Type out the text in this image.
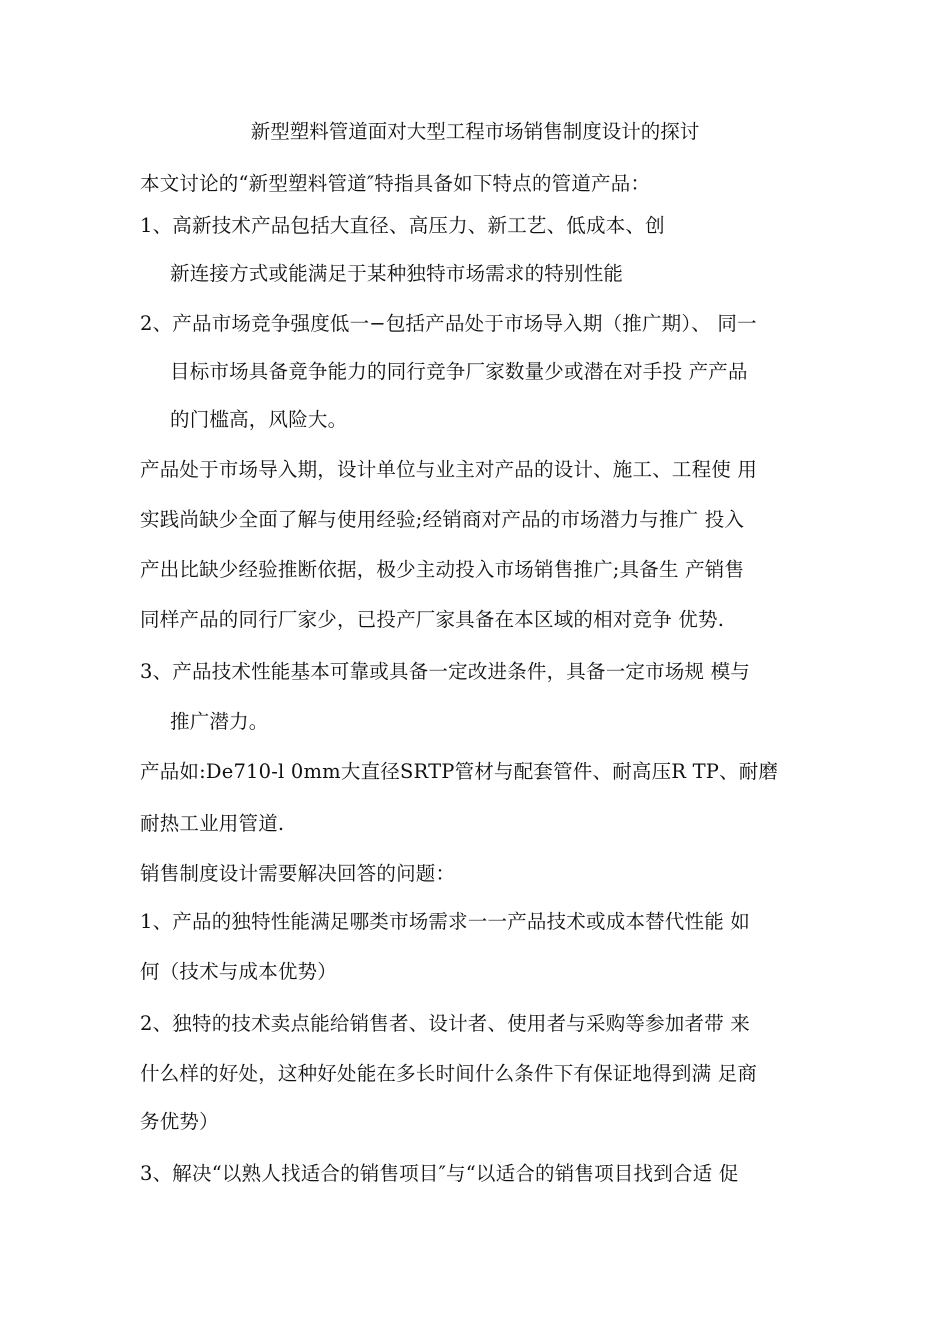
新型塑料管道面对大型工程市场销售制度设计的探讨
本文讨论的“新型塑料管道″特指具备如下特点的管道产品：
1、高新技术产品包括大直径、高压力、新工艺、低成本、创
新连接方式或能满足于某种独特市场需求的特别性能
2、产品市场竞争强度低一−包括产品处于市场导入期（推广期）、 同一
目标市场具备竟争能力的同行竞争厂家数量少或潜在对手投 产产品
的门槛高，风险大。
产品处于市场导入期，设计单位与业主对产品的设计、施工、工程使 用
实践尚缺少全面了解与使用经验;经销商对产品的市场潜力与推广 投入
产出比缺少经验推断依据，极少主动投入市场销售推广;具备生 产销售
同样产品的同行厂家少，已投产厂家具备在本区域的相对竞争 优势.
3、产品技术性能基本可靠或具备一定改进条件，具备一定市场规 模与
推广潜力。
产品如:De710-l 0mm大直径SRTP管材与配套管件、耐高压R TP、耐磨
耐热工业用管道.
销售制度设计需要解决回答的问题：
1、产品的独特性能满足哪类市场需求一一产品技术或成本替代性能 如
何（技术与成本优势）
2、独特的技术卖点能给销售者、设计者、使用者与采购等参加者带 来
什么样的好处，这种好处能在多长时间什么条件下有保证地得到满 足商
务优势）
3、解决“以熟人找适合的销售项目″与“以适合的销售项目找到合适 促
